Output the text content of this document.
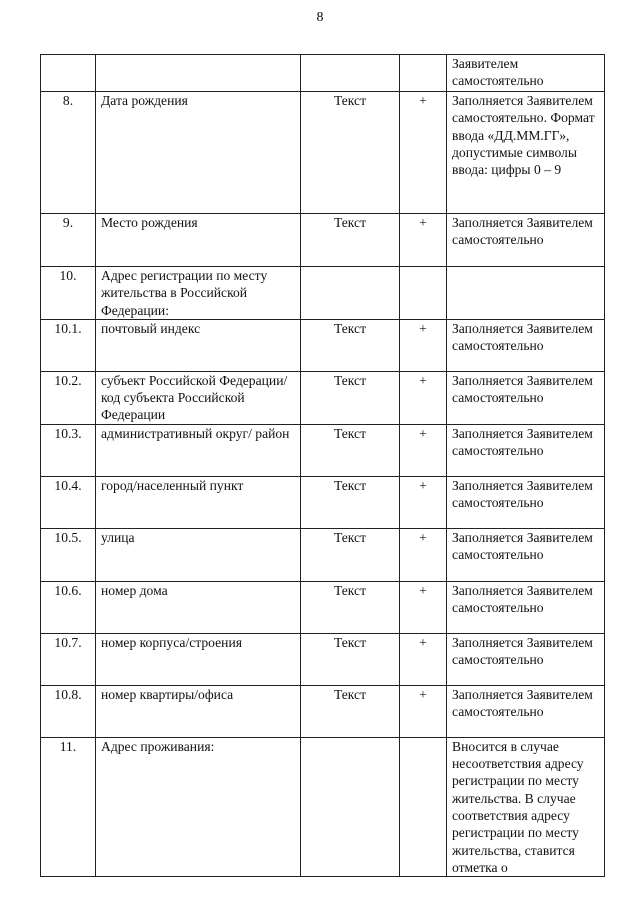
8
				Заявителем самостоятельно
8.	Дата рождения	Текст	+	Заполняется Заявителем самостоятельно. Формат ввода «ДД.ММ.ГГ», допустимые символы ввода: цифры 0 – 9
9.	Место рождения	Текст	+	Заполняется Заявителем самостоятельно
10.	Адрес регистрации по месту жительства в Российской Федерации:			
10.1.	почтовый индекс	Текст	+	Заполняется Заявителем самостоятельно
10.2.	субъект Российской Федерации/код субъекта Российской Федерации	Текст	+	Заполняется Заявителем самостоятельно
10.3.	административный округ/ район	Текст	+	Заполняется Заявителем самостоятельно
10.4.	город/населенный пункт	Текст	+	Заполняется Заявителем самостоятельно
10.5.	улица	Текст	+	Заполняется Заявителем самостоятельно
10.6.	номер дома	Текст	+	Заполняется Заявителем самостоятельно
10.7.	номер корпуса/строения	Текст	+	Заполняется Заявителем самостоятельно
10.8.	номер квартиры/офиса	Текст	+	Заполняется Заявителем самостоятельно
11.	Адрес проживания:			Вносится в случае несоответствия адресу регистрации по месту жительства. В случае соответствия адресу регистрации по месту жительства, ставится отметка о
